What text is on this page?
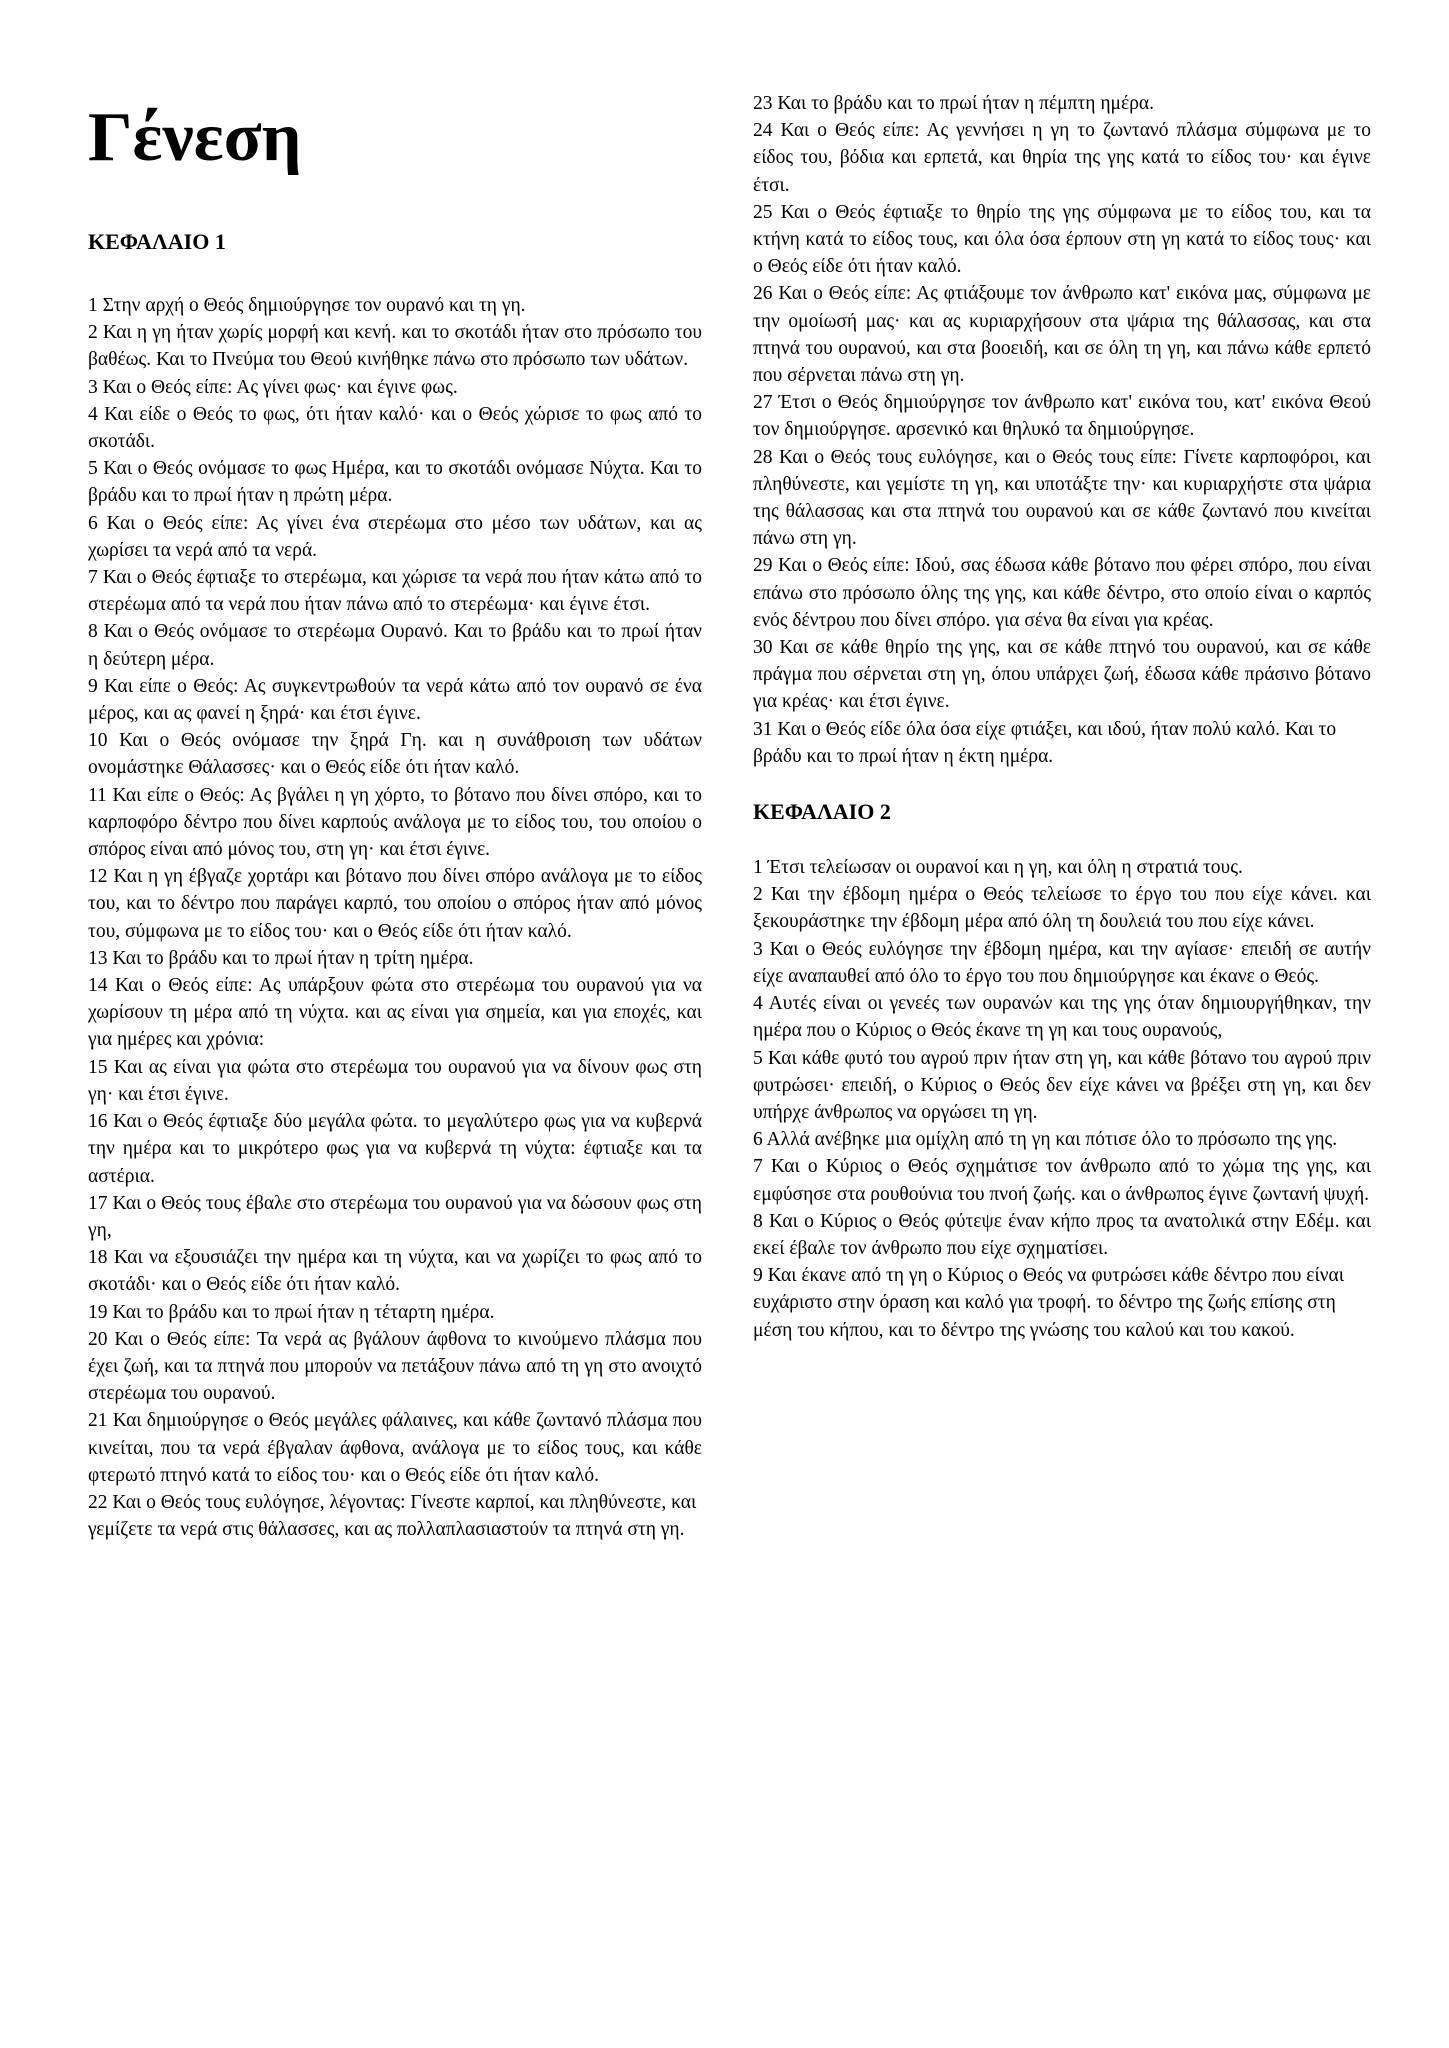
Γένεση
ΚΕΦΑΛΑΙΟ 1

1 Στην αρχή ο Θεός δημιούργησε τον ουρανό και τη γη.

2 Και η γη ήταν χωρίς μορφή και κενή. και το σκοτάδι ήταν στο πρόσωπο του βαθέως. Και το Πνεύμα του Θεού κινήθηκε πάνω στο πρόσωπο των υδάτων.

3 Και ο Θεός είπε: Ας γίνει φως· και έγινε φως.

4 Και είδε ο Θεός το φως, ότι ήταν καλό· και ο Θεός χώρισε το φως από το σκοτάδι.

5 Και ο Θεός ονόμασε το φως Ημέρα, και το σκοτάδι ονόμασε Νύχτα. Και το βράδυ και το πρωί ήταν η πρώτη μέρα.

6 Και ο Θεός είπε: Ας γίνει ένα στερέωμα στο μέσο των υδάτων, και ας χωρίσει τα νερά από τα νερά.

7 Και ο Θεός έφτιαξε το στερέωμα, και χώρισε τα νερά που ήταν κάτω από το στερέωμα από τα νερά που ήταν πάνω από το στερέωμα· και έγινε έτσι.

8 Και ο Θεός ονόμασε το στερέωμα Ουρανό. Και το βράδυ και το πρωί ήταν η δεύτερη μέρα.

9 Και είπε ο Θεός: Ας συγκεντρωθούν τα νερά κάτω από τον ουρανό σε ένα μέρος, και ας φανεί η ξηρά· και έτσι έγινε.

10 Και ο Θεός ονόμασε την ξηρά Γη. και η συνάθροιση των υδάτων ονομάστηκε Θάλασσες· και ο Θεός είδε ότι ήταν καλό.

11 Και είπε ο Θεός: Ας βγάλει η γη χόρτο, το βότανο που δίνει σπόρο, και το καρποφόρο δέντρο που δίνει καρπούς ανάλογα με το είδος του, του οποίου ο σπόρος είναι από μόνος του, στη γη· και έτσι έγινε.

12 Και η γη έβγαζε χορτάρι και βότανο που δίνει σπόρο ανάλογα με το είδος του, και το δέντρο που παράγει καρπό, του οποίου ο σπόρος ήταν από μόνος του, σύμφωνα με το είδος του· και ο Θεός είδε ότι ήταν καλό.

13 Και το βράδυ και το πρωί ήταν η τρίτη ημέρα.

14 Και ο Θεός είπε: Ας υπάρξουν φώτα στο στερέωμα του ουρανού για να χωρίσουν τη μέρα από τη νύχτα. και ας είναι για σημεία, και για εποχές, και για ημέρες και χρόνια:

15 Και ας είναι για φώτα στο στερέωμα του ουρανού για να δίνουν φως στη γη· και έτσι έγινε.

16 Και ο Θεός έφτιαξε δύο μεγάλα φώτα. το μεγαλύτερο φως για να κυβερνά την ημέρα και το μικρότερο φως για να κυβερνά τη νύχτα: έφτιαξε και τα αστέρια.

17 Και ο Θεός τους έβαλε στο στερέωμα του ουρανού για να δώσουν φως στη γη,

18 Και να εξουσιάζει την ημέρα και τη νύχτα, και να χωρίζει το φως από το σκοτάδι· και ο Θεός είδε ότι ήταν καλό.

19 Και το βράδυ και το πρωί ήταν η τέταρτη ημέρα.

20 Και ο Θεός είπε: Τα νερά ας βγάλουν άφθονα το κινούμενο πλάσμα που έχει ζωή, και τα πτηνά που μπορούν να πετάξουν πάνω από τη γη στο ανοιχτό στερέωμα του ουρανού.

21 Και δημιούργησε ο Θεός μεγάλες φάλαινες, και κάθε ζωντανό πλάσμα που κινείται, που τα νερά έβγαλαν άφθονα, ανάλογα με το είδος τους, και κάθε φτερωτό πτηνό κατά το είδος του· και ο Θεός είδε ότι ήταν καλό.

22 Και ο Θεός τους ευλόγησε, λέγοντας: Γίνεστε καρποί, και πληθύνεστε, και γεμίζετε τα νερά στις θάλασσες, και ας πολλαπλασιαστούν τα πτηνά στη γη.

23 Και το βράδυ και το πρωί ήταν η πέμπτη ημέρα.

24 Και ο Θεός είπε: Ας γεννήσει η γη το ζωντανό πλάσμα σύμφωνα με το είδος του, βόδια και ερπετά, και θηρία της γης κατά το είδος του· και έγινε έτσι.

25 Και ο Θεός έφτιαξε το θηρίο της γης σύμφωνα με το είδος του, και τα κτήνη κατά το είδος τους, και όλα όσα έρπουν στη γη κατά το είδος τους· και ο Θεός είδε ότι ήταν καλό.

26 Και ο Θεός είπε: Ας φτιάξουμε τον άνθρωπο κατ' εικόνα μας, σύμφωνα με την ομοίωσή μας· και ας κυριαρχήσουν στα ψάρια της θάλασσας, και στα πτηνά του ουρανού, και στα βοοειδή, και σε όλη τη γη, και πάνω κάθε ερπετό που σέρνεται πάνω στη γη.

27 Έτσι ο Θεός δημιούργησε τον άνθρωπο κατ' εικόνα του, κατ' εικόνα Θεού τον δημιούργησε. αρσενικό και θηλυκό τα δημιούργησε.

28 Και ο Θεός τους ευλόγησε, και ο Θεός τους είπε: Γίνετε καρποφόροι, και πληθύνεστε, και γεμίστε τη γη, και υποτάξτε την· και κυριαρχήστε στα ψάρια της θάλασσας και στα πτηνά του ουρανού και σε κάθε ζωντανό που κινείται πάνω στη γη.

29 Και ο Θεός είπε: Ιδού, σας έδωσα κάθε βότανο που φέρει σπόρο, που είναι επάνω στο πρόσωπο όλης της γης, και κάθε δέντρο, στο οποίο είναι ο καρπός ενός δέντρου που δίνει σπόρο. για σένα θα είναι για κρέας.

30 Και σε κάθε θηρίο της γης, και σε κάθε πτηνό του ουρανού, και σε κάθε πράγμα που σέρνεται στη γη, όπου υπάρχει ζωή, έδωσα κάθε πράσινο βότανο για κρέας· και έτσι έγινε.

31 Και ο Θεός είδε όλα όσα είχε φτιάξει, και ιδού, ήταν πολύ καλό. Και το βράδυ και το πρωί ήταν η έκτη ημέρα.

ΚΕΦΑΛΑΙΟ 2

1 Έτσι τελείωσαν οι ουρανοί και η γη, και όλη η στρατιά τους.

2 Και την έβδομη ημέρα ο Θεός τελείωσε το έργο του που είχε κάνει. και ξεκουράστηκε την έβδομη μέρα από όλη τη δουλειά του που είχε κάνει.

3 Και ο Θεός ευλόγησε την έβδομη ημέρα, και την αγίασε· επειδή σε αυτήν είχε αναπαυθεί από όλο το έργο του που δημιούργησε και έκανε ο Θεός.

4 Αυτές είναι οι γενεές των ουρανών και της γης όταν δημιουργήθηκαν, την ημέρα που ο Κύριος ο Θεός έκανε τη γη και τους ουρανούς,

5 Και κάθε φυτό του αγρού πριν ήταν στη γη, και κάθε βότανο του αγρού πριν φυτρώσει· επειδή, ο Κύριος ο Θεός δεν είχε κάνει να βρέξει στη γη, και δεν υπήρχε άνθρωπος να οργώσει τη γη.

6 Αλλά ανέβηκε μια ομίχλη από τη γη και πότισε όλο το πρόσωπο της γης.

7 Και ο Κύριος ο Θεός σχημάτισε τον άνθρωπο από το χώμα της γης, και εμφύσησε στα ρουθούνια του πνοή ζωής. και ο άνθρωπος έγινε ζωντανή ψυχή.

8 Και ο Κύριος ο Θεός φύτεψε έναν κήπο προς τα ανατολικά στην Εδέμ. και εκεί έβαλε τον άνθρωπο που είχε σχηματίσει.

9 Και έκανε από τη γη ο Κύριος ο Θεός να φυτρώσει κάθε δέντρο που είναι ευχάριστο στην όραση και καλό για τροφή. το δέντρο της ζωής επίσης στη μέση του κήπου, και το δέντρο της γνώσης του καλού και του κακού.
